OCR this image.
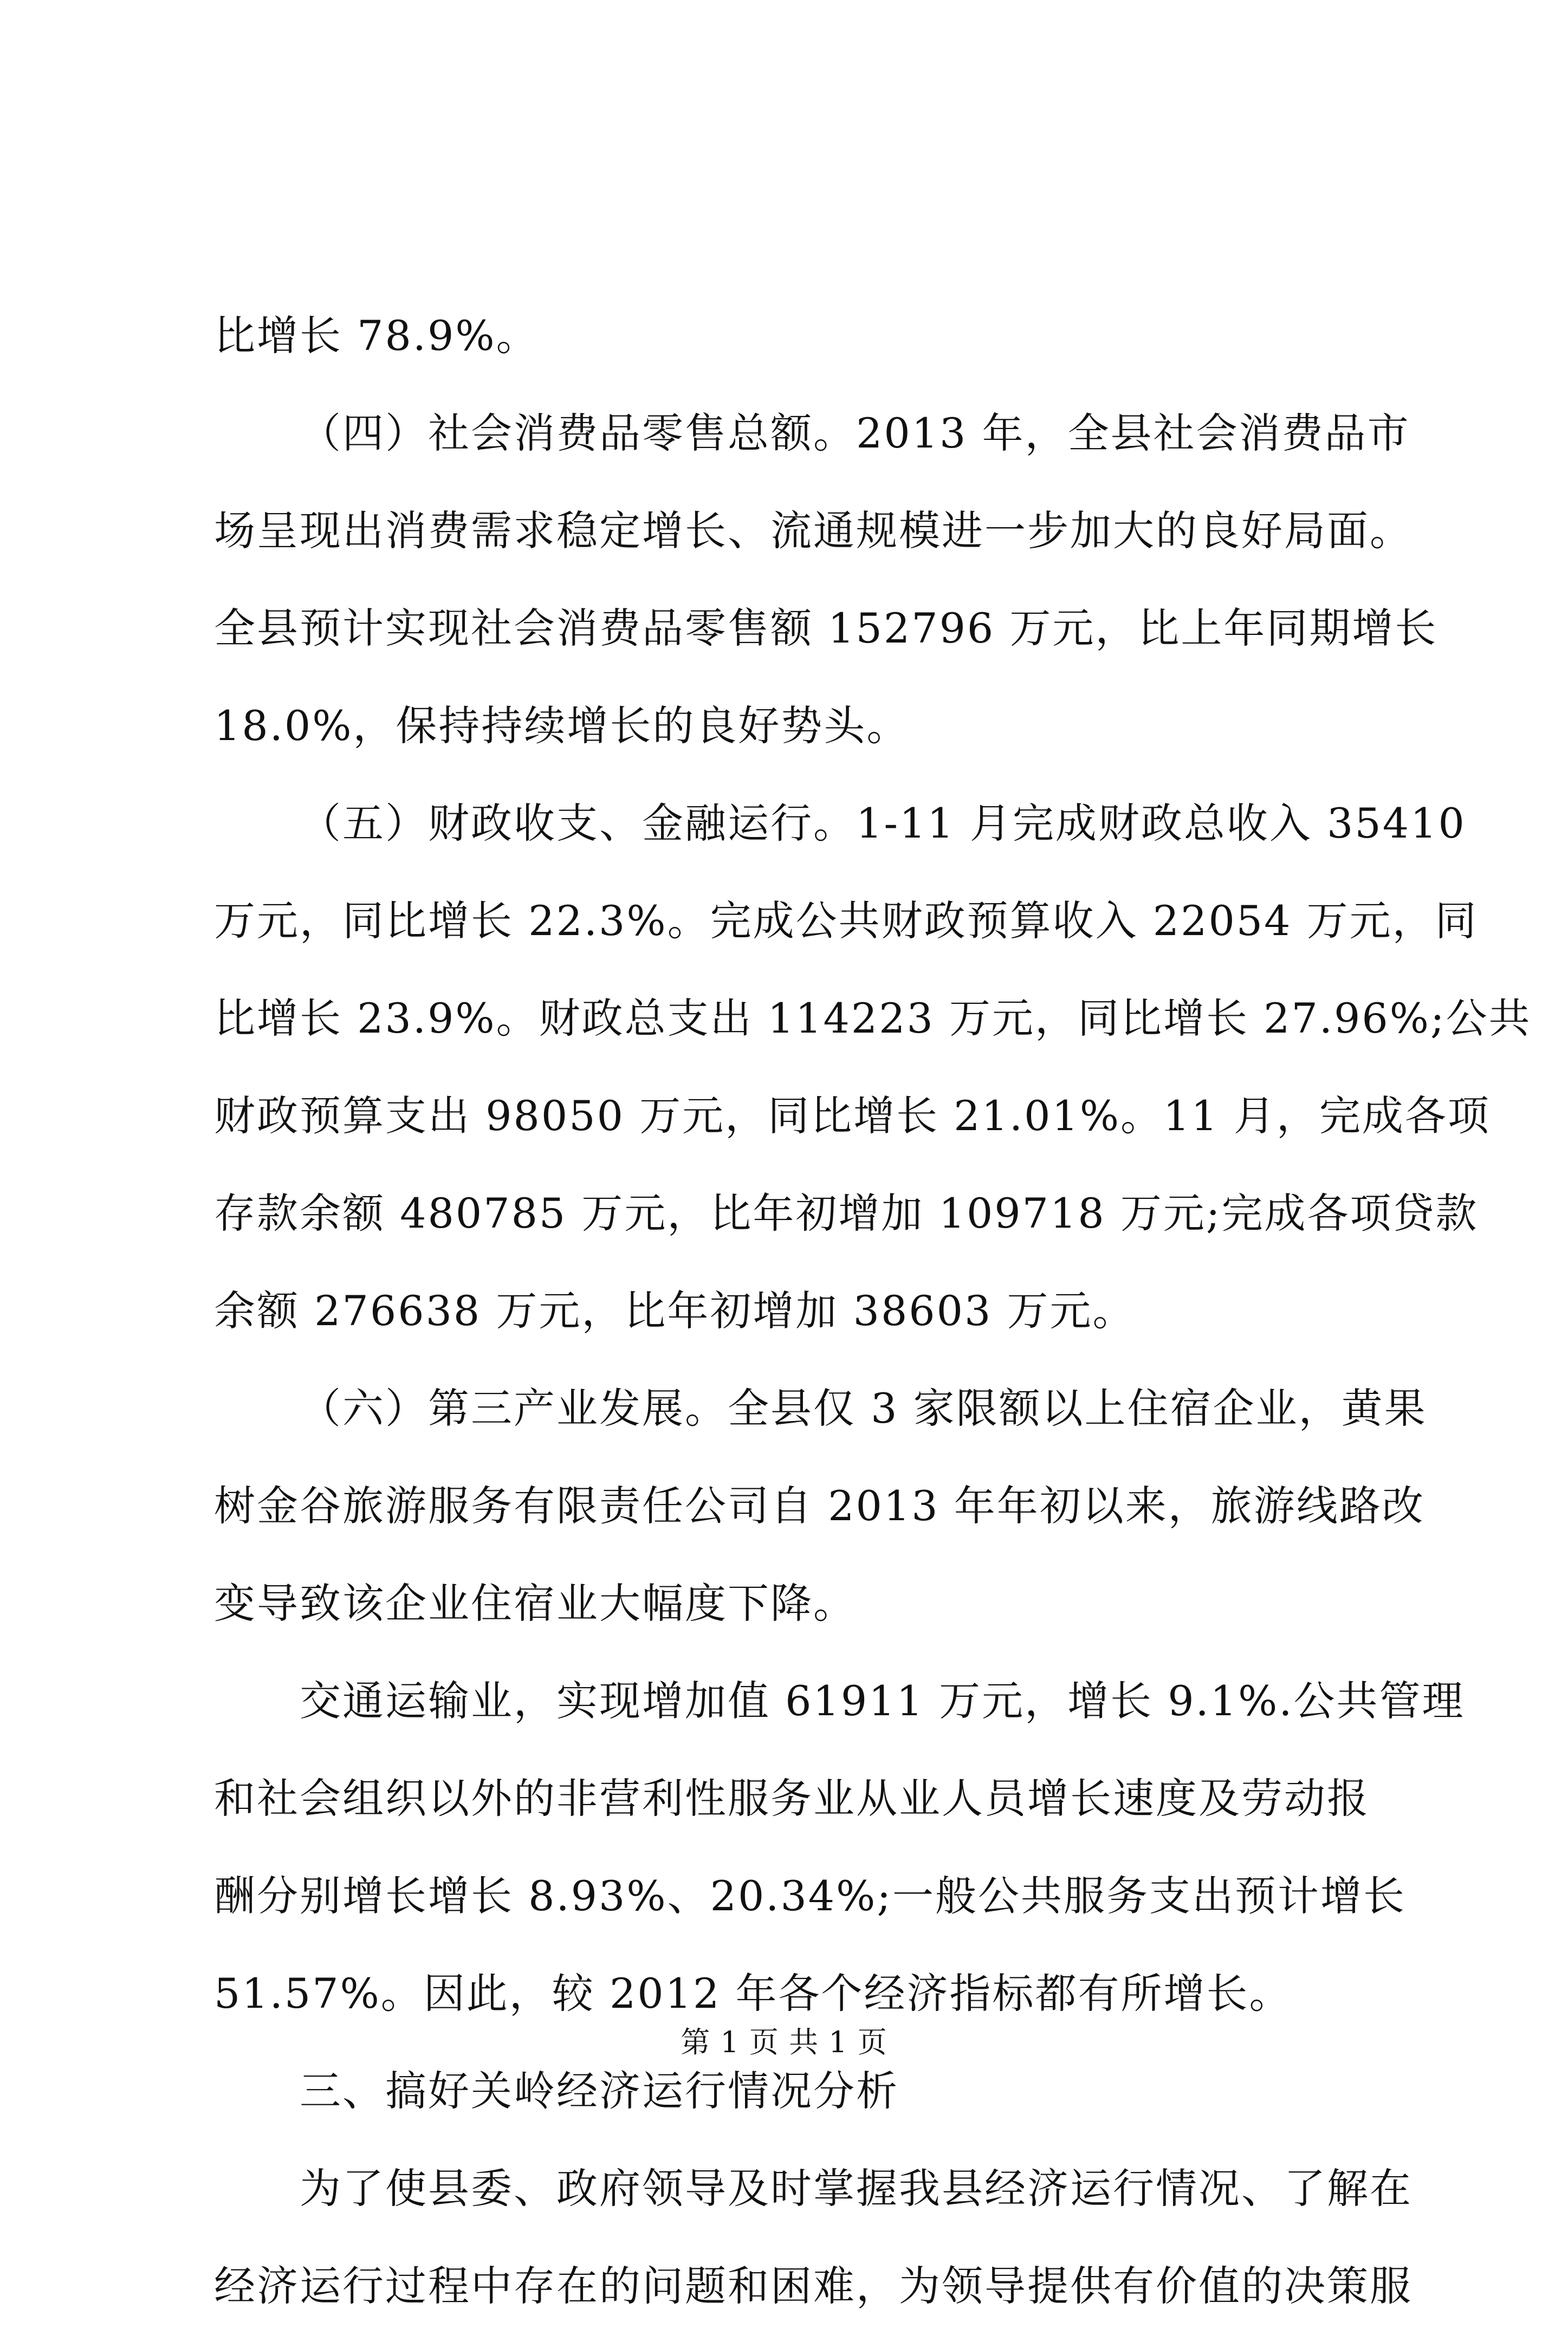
比增长 78.9%。
（四）社会消费品零售总额。2013 年，全县社会消费品市
场呈现出消费需求稳定增长、流通规模进一步加大的良好局面。
全县预计实现社会消费品零售额 152796 万元，比上年同期增长
18.0%，保持持续增长的良好势头。
（五）财政收支、金融运行。1-11 月完成财政总收入 35410
万元，同比增长 22.3%。完成公共财政预算收入 22054 万元，同
比增长 23.9%。财政总支出 114223 万元，同比增长 27.96%;公共
财政预算支出 98050 万元，同比增长 21.01%。11 月，完成各项
存款余额 480785 万元，比年初增加 109718 万元;完成各项贷款
余额 276638 万元，比年初增加 38603 万元。
（六）第三产业发展。全县仅 3 家限额以上住宿企业，黄果
树金谷旅游服务有限责任公司自 2013 年年初以来，旅游线路改
变导致该企业住宿业大幅度下降。
交通运输业，实现增加值 61911 万元，增长 9.1%.公共管理
和社会组织以外的非营利性服务业从业人员增长速度及劳动报
酬分别增长增长 8.93%、20.34%;一般公共服务支出预计增长
51.57%。因此，较 2012 年各个经济指标都有所增长。
三、搞好关岭经济运行情况分析
为了使县委、政府领导及时掌握我县经济运行情况、了解在
经济运行过程中存在的问题和困难，为领导提供有价值的决策服
第 1 页 共 1 页
